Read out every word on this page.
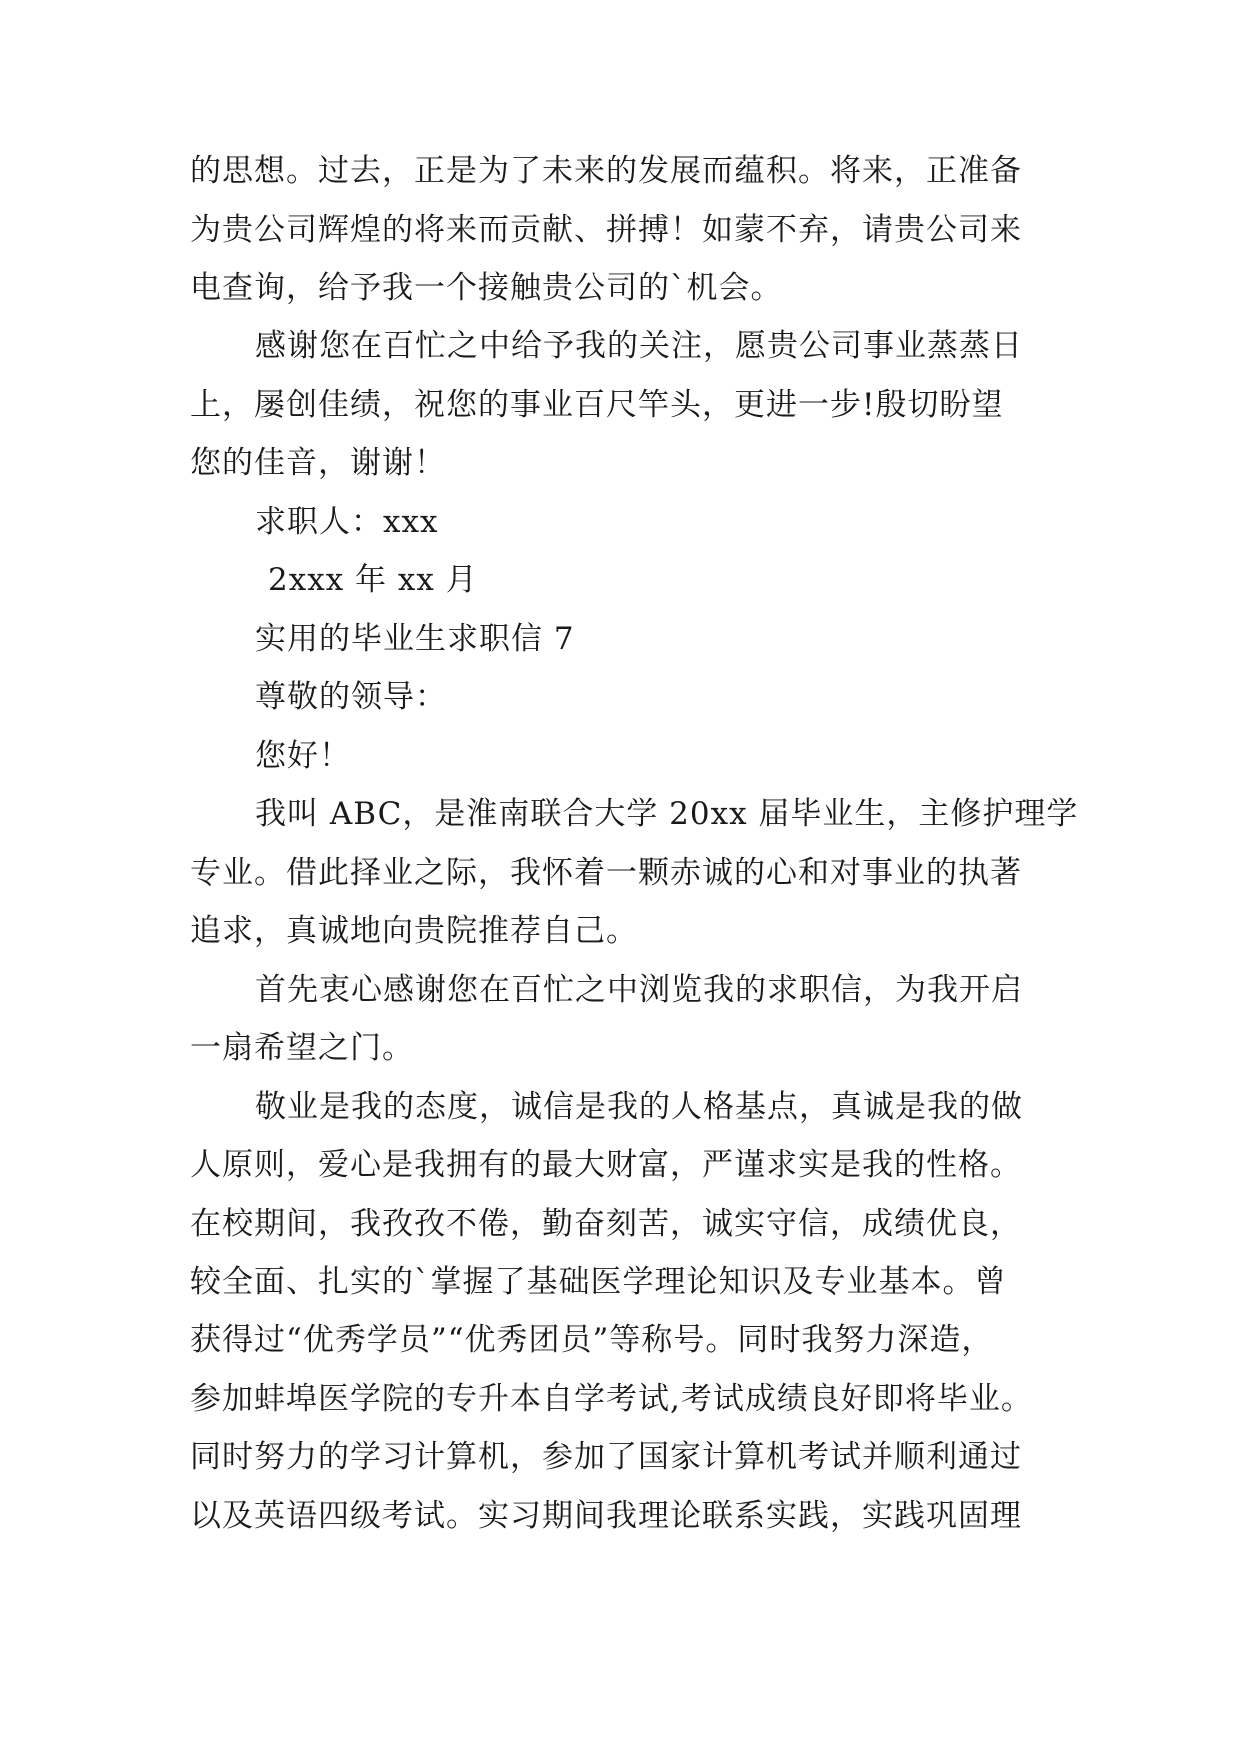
的思想。过去，正是为了未来的发展而蕴积。将来，正准备
为贵公司辉煌的将来而贡献、拼搏！如蒙不弃，请贵公司来
电查询，给予我一个接触贵公司的`机会。
感谢您在百忙之中给予我的关注，愿贵公司事业蒸蒸日
上，屡创佳绩，祝您的事业百尺竿头，更进一步!殷切盼望
您的佳音，谢谢！
求职人：xxx
2xxx 年 xx 月
实用的毕业生求职信 7
尊敬的领导：
您好！
我叫 ABC，是淮南联合大学 20xx 届毕业生，主修护理学
专业。借此择业之际，我怀着一颗赤诚的心和对事业的执著
追求，真诚地向贵院推荐自己。
首先衷心感谢您在百忙之中浏览我的求职信，为我开启
一扇希望之门。
敬业是我的态度，诚信是我的人格基点，真诚是我的做
人原则，爱心是我拥有的最大财富，严谨求实是我的性格。
在校期间，我孜孜不倦，勤奋刻苦，诚实守信，成绩优良，
较全面、扎实的`掌握了基础医学理论知识及专业基本。曾
获得过“优秀学员”“优秀团员”等称号。同时我努力深造，
参加蚌埠医学院的专升本自学考试,考试成绩良好即将毕业。
同时努力的学习计算机，参加了国家计算机考试并顺利通过
以及英语四级考试。实习期间我理论联系实践，实践巩固理
